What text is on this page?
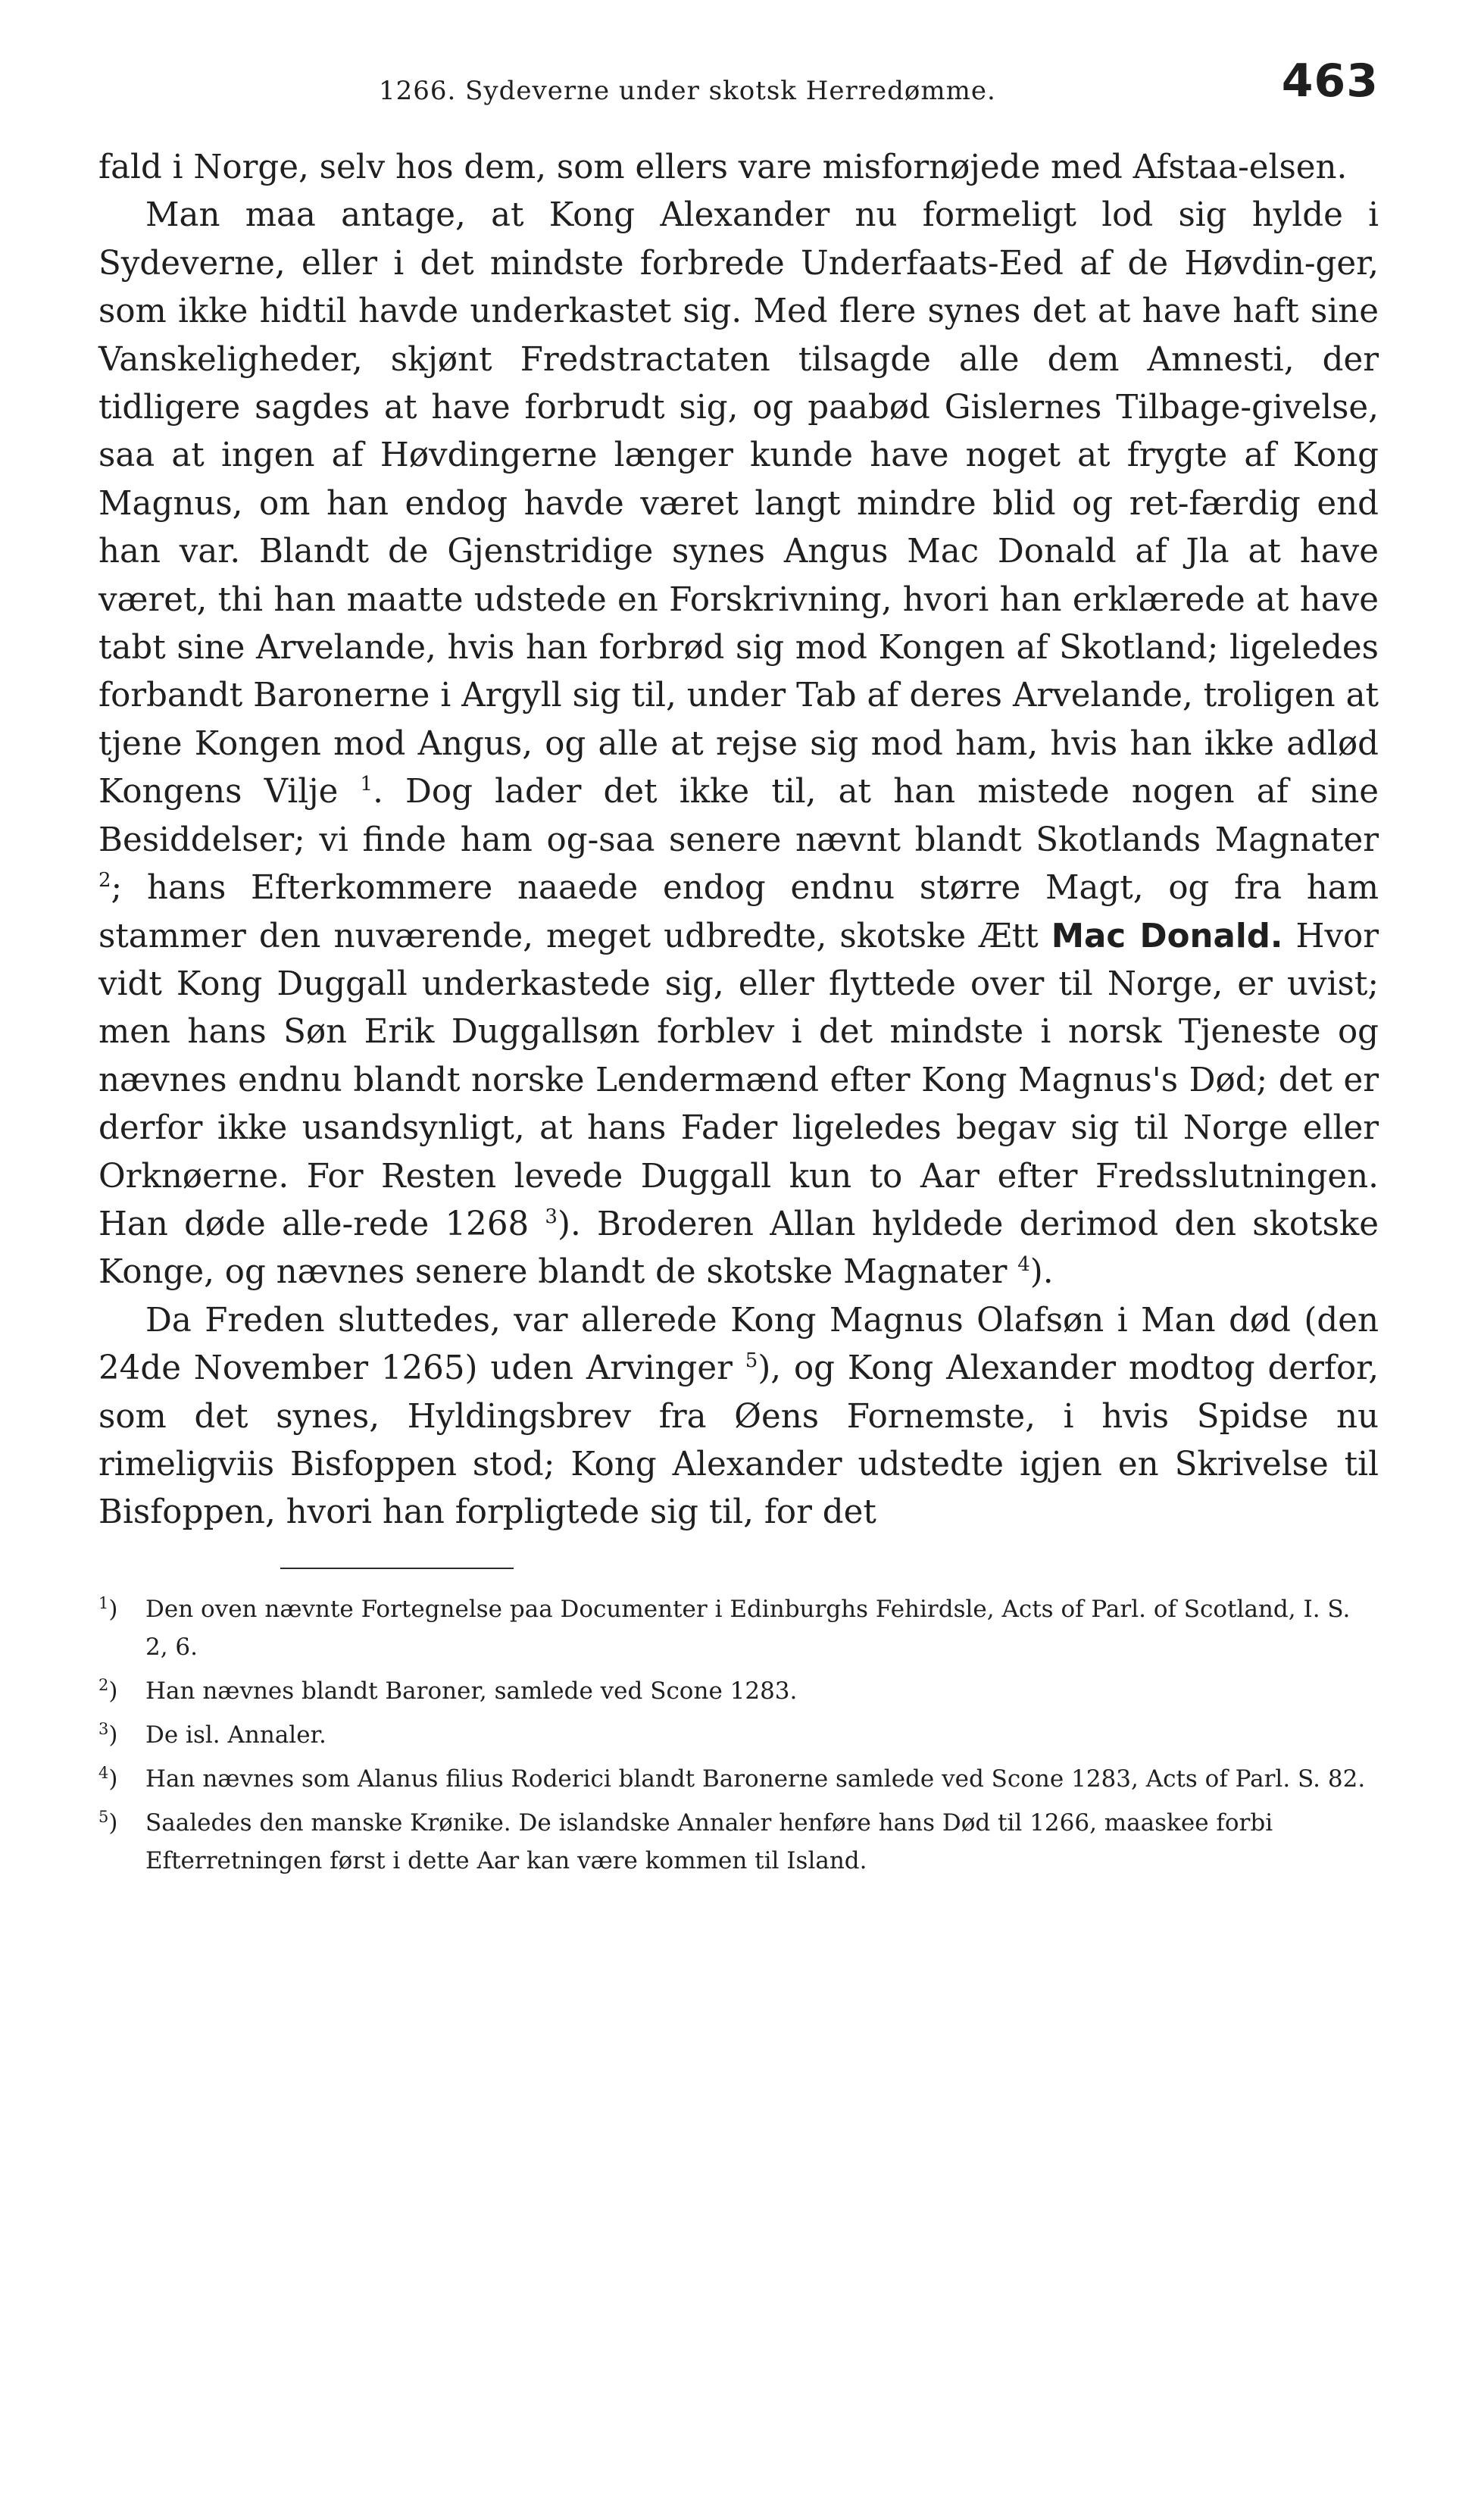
1266. Sydeverne under skotsk Herredømme.	463

fald i Norge, selv hos dem, som ellers vare misfornøjede med Afstaa-elsen.

Man maa antage, at Kong Alexander nu formeligt lod sig hylde i Sydeverne, eller i det mindste forbrede Underfaats-Eed af de Høvdin-ger, som ikke hidtil havde underkastet sig. Med flere synes det at have haft sine Vanskeligheder, skjønt Fredstractaten tilsagde alle dem Amnesti, der tidligere sagdes at have forbrudt sig, og paabød Gislernes Tilbage-givelse, saa at ingen af Høvdingerne længer kunde have noget at frygte af Kong Magnus, om han endog havde været langt mindre blid og ret-færdig end han var. Blandt de Gjenstridige synes Angus Mac Donald af Jla at have været, thi han maatte udstede en Forskrivning, hvori han erklærede at have tabt sine Arvelande, hvis han forbrød sig mod Kongen af Skotland; ligeledes forbandt Baronerne i Argyll sig til, under Tab af deres Arvelande, troligen at tjene Kongen mod Angus, og alle at rejse sig mod ham, hvis han ikke adlød Kongens Vilje $^1$. Dog lader det ikke til, at han mistede nogen af sine Besiddelser; vi finde ham og-saa senere nævnt blandt Skotlands Magnater $^2$; hans Efterkommere naaede endog endnu større Magt, og fra ham stammer den nuværende, meget udbredte, skotske Ætt Mac Donald. Hvor vidt Kong Duggall underkastede sig, eller flyttede over til Norge, er uvist; men hans Søn Erik Duggallsøn forblev i det mindste i norsk Tjeneste og nævnes endnu blandt norske Lendermænd efter Kong Magnus's Død; det er derfor ikke usandsynligt, at hans Fader ligeledes begav sig til Norge eller Orknøerne. For Resten levede Duggall kun to Aar efter Fredsslutningen. Han døde alle-rede 1268 $^3$). Broderen Allan hyldede derimod den skotske Konge, og nævnes senere blandt de skotske Magnater $^4$).

Da Freden sluttedes, var allerede Kong Magnus Olafsøn i Man død (den 24de November 1265) uden Arvinger $^5$), og Kong Alexander modtog derfor, som det synes, Hyldingsbrev fra Øens Fornemste, i hvis Spidse nu rimeligviis Bisfoppen stod; Kong Alexander udstedte igjen en Skrivelse til Bisfoppen, hvori han forpligtede sig til, for det

$^1$) Den oven nævnte Fortegnelse paa Documenter i Edinburghs Fehirdsle, Acts of Parl. of Scotland, I. S. 2, 6.
$^2$) Han nævnes blandt Baroner, samlede ved Scone 1283.
$^3$) De isl. Annaler.
$^4$) Han nævnes som Alanus filius Roderici blandt Baronerne samlede ved Scone 1283, Acts of Parl. S. 82.
$^5$) Saaledes den manske Krønike. De islandske Annaler henføre hans Død til 1266, maaskee forbi Efterretningen først i dette Aar kan være kommen til Island.
